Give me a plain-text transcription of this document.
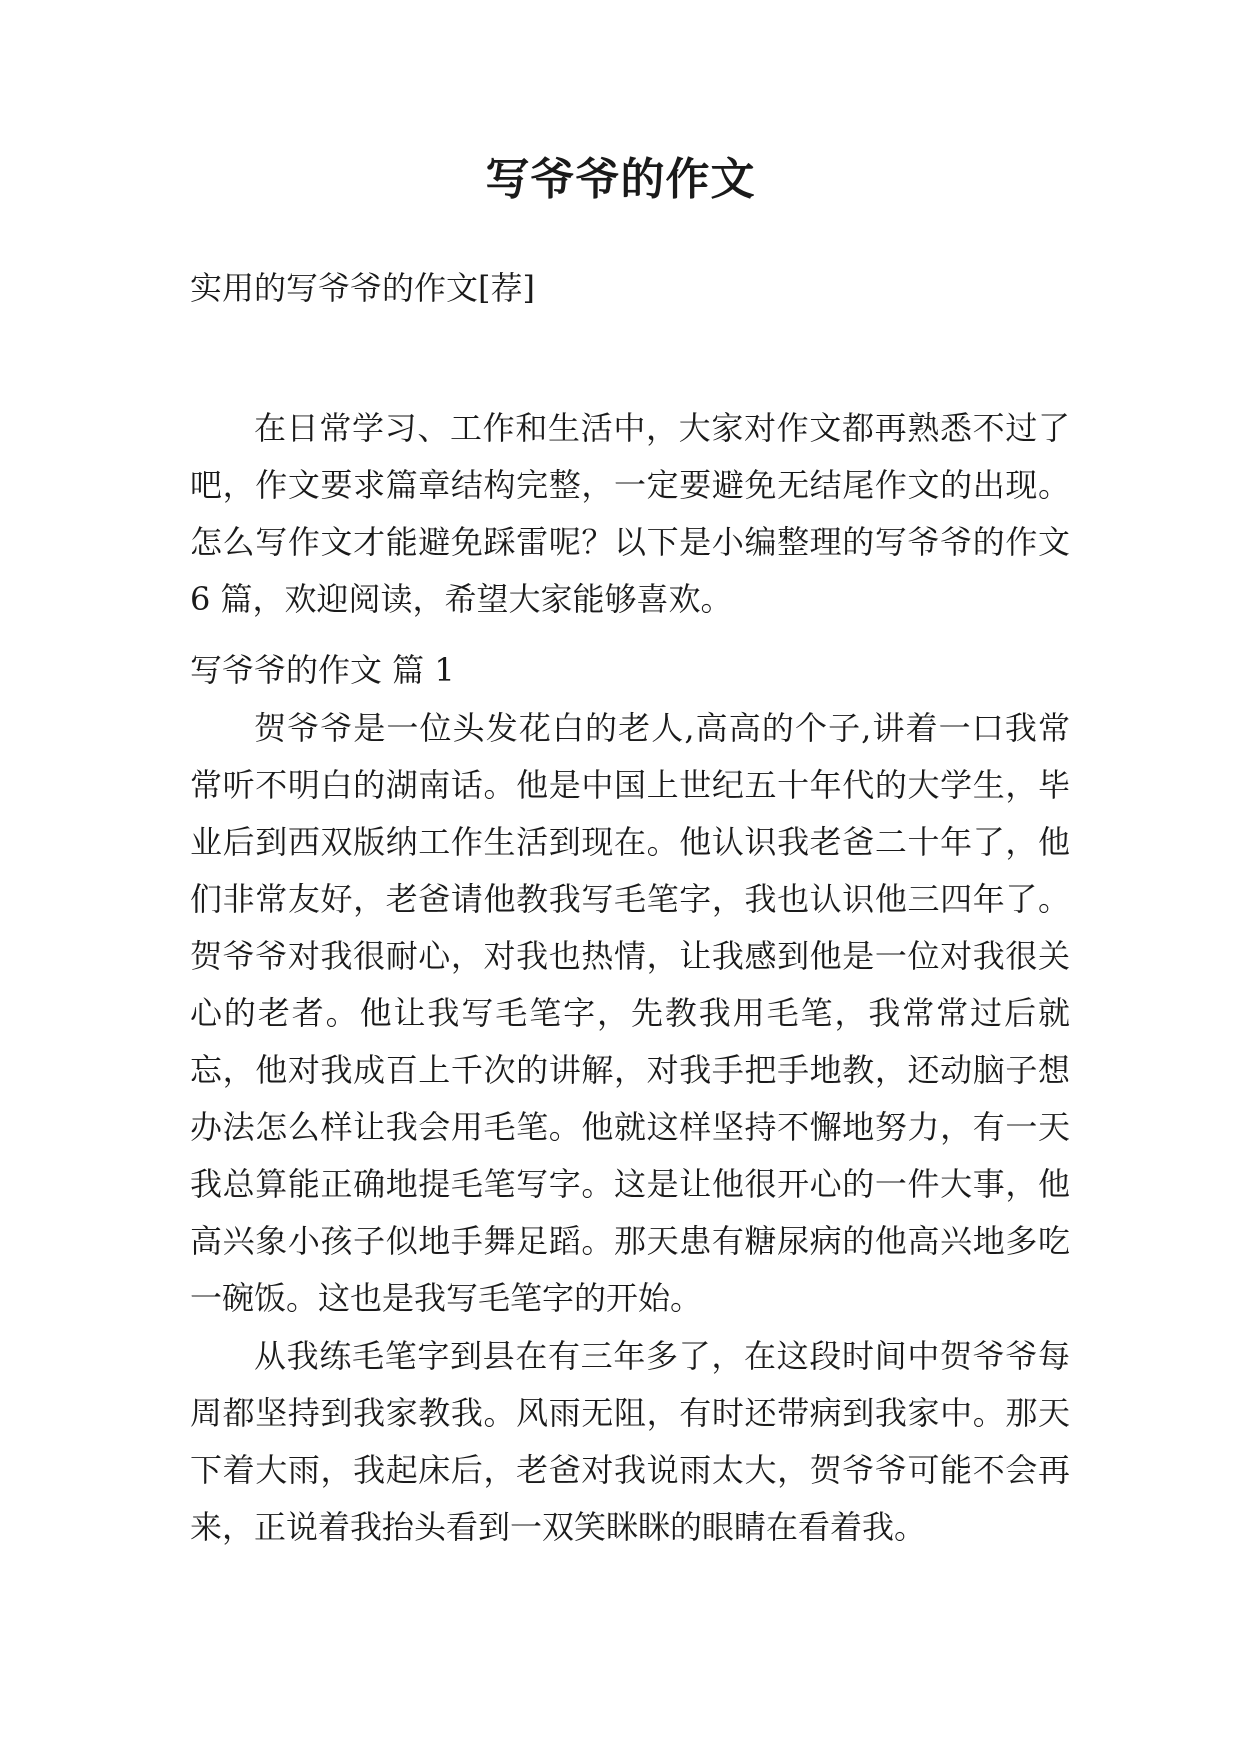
写爷爷的作文

实用的写爷爷的作文[荐]

在日常学习、工作和生活中，大家对作文都再熟悉不过了吧，作文要求篇章结构完整，一定要避免无结尾作文的出现。怎么写作文才能避免踩雷呢？以下是小编整理的写爷爷的作文 6 篇，欢迎阅读，希望大家能够喜欢。

写爷爷的作文 篇 1

贺爷爷是一位头发花白的老人,高高的个子,讲着一口我常常听不明白的湖南话。他是中国上世纪五十年代的大学生，毕业后到西双版纳工作生活到现在。他认识我老爸二十年了，他们非常友好，老爸请他教我写毛笔字，我也认识他三四年了。 贺爷爷对我很耐心，对我也热情，让我感到他是一位对我很关心的老者。他让我写毛笔字，先教我用毛笔，我常常过后就忘，他对我成百上千次的讲解，对我手把手地教，还动脑子想办法怎么样让我会用毛笔。他就这样坚持不懈地努力，有一天我总算能正确地提毛笔写字。这是让他很开心的一件大事，他高兴象小孩子似地手舞足蹈。那天患有糖尿病的他高兴地多吃一碗饭。这也是我写毛笔字的开始。

从我练毛笔字到县在有三年多了，在这段时间中贺爷爷每周都坚持到我家教我。风雨无阻，有时还带病到我家中。那天下着大雨，我起床后，老爸对我说雨太大，贺爷爷可能不会再来，正说着我抬头看到一双笑眯眯的眼睛在看着我。
